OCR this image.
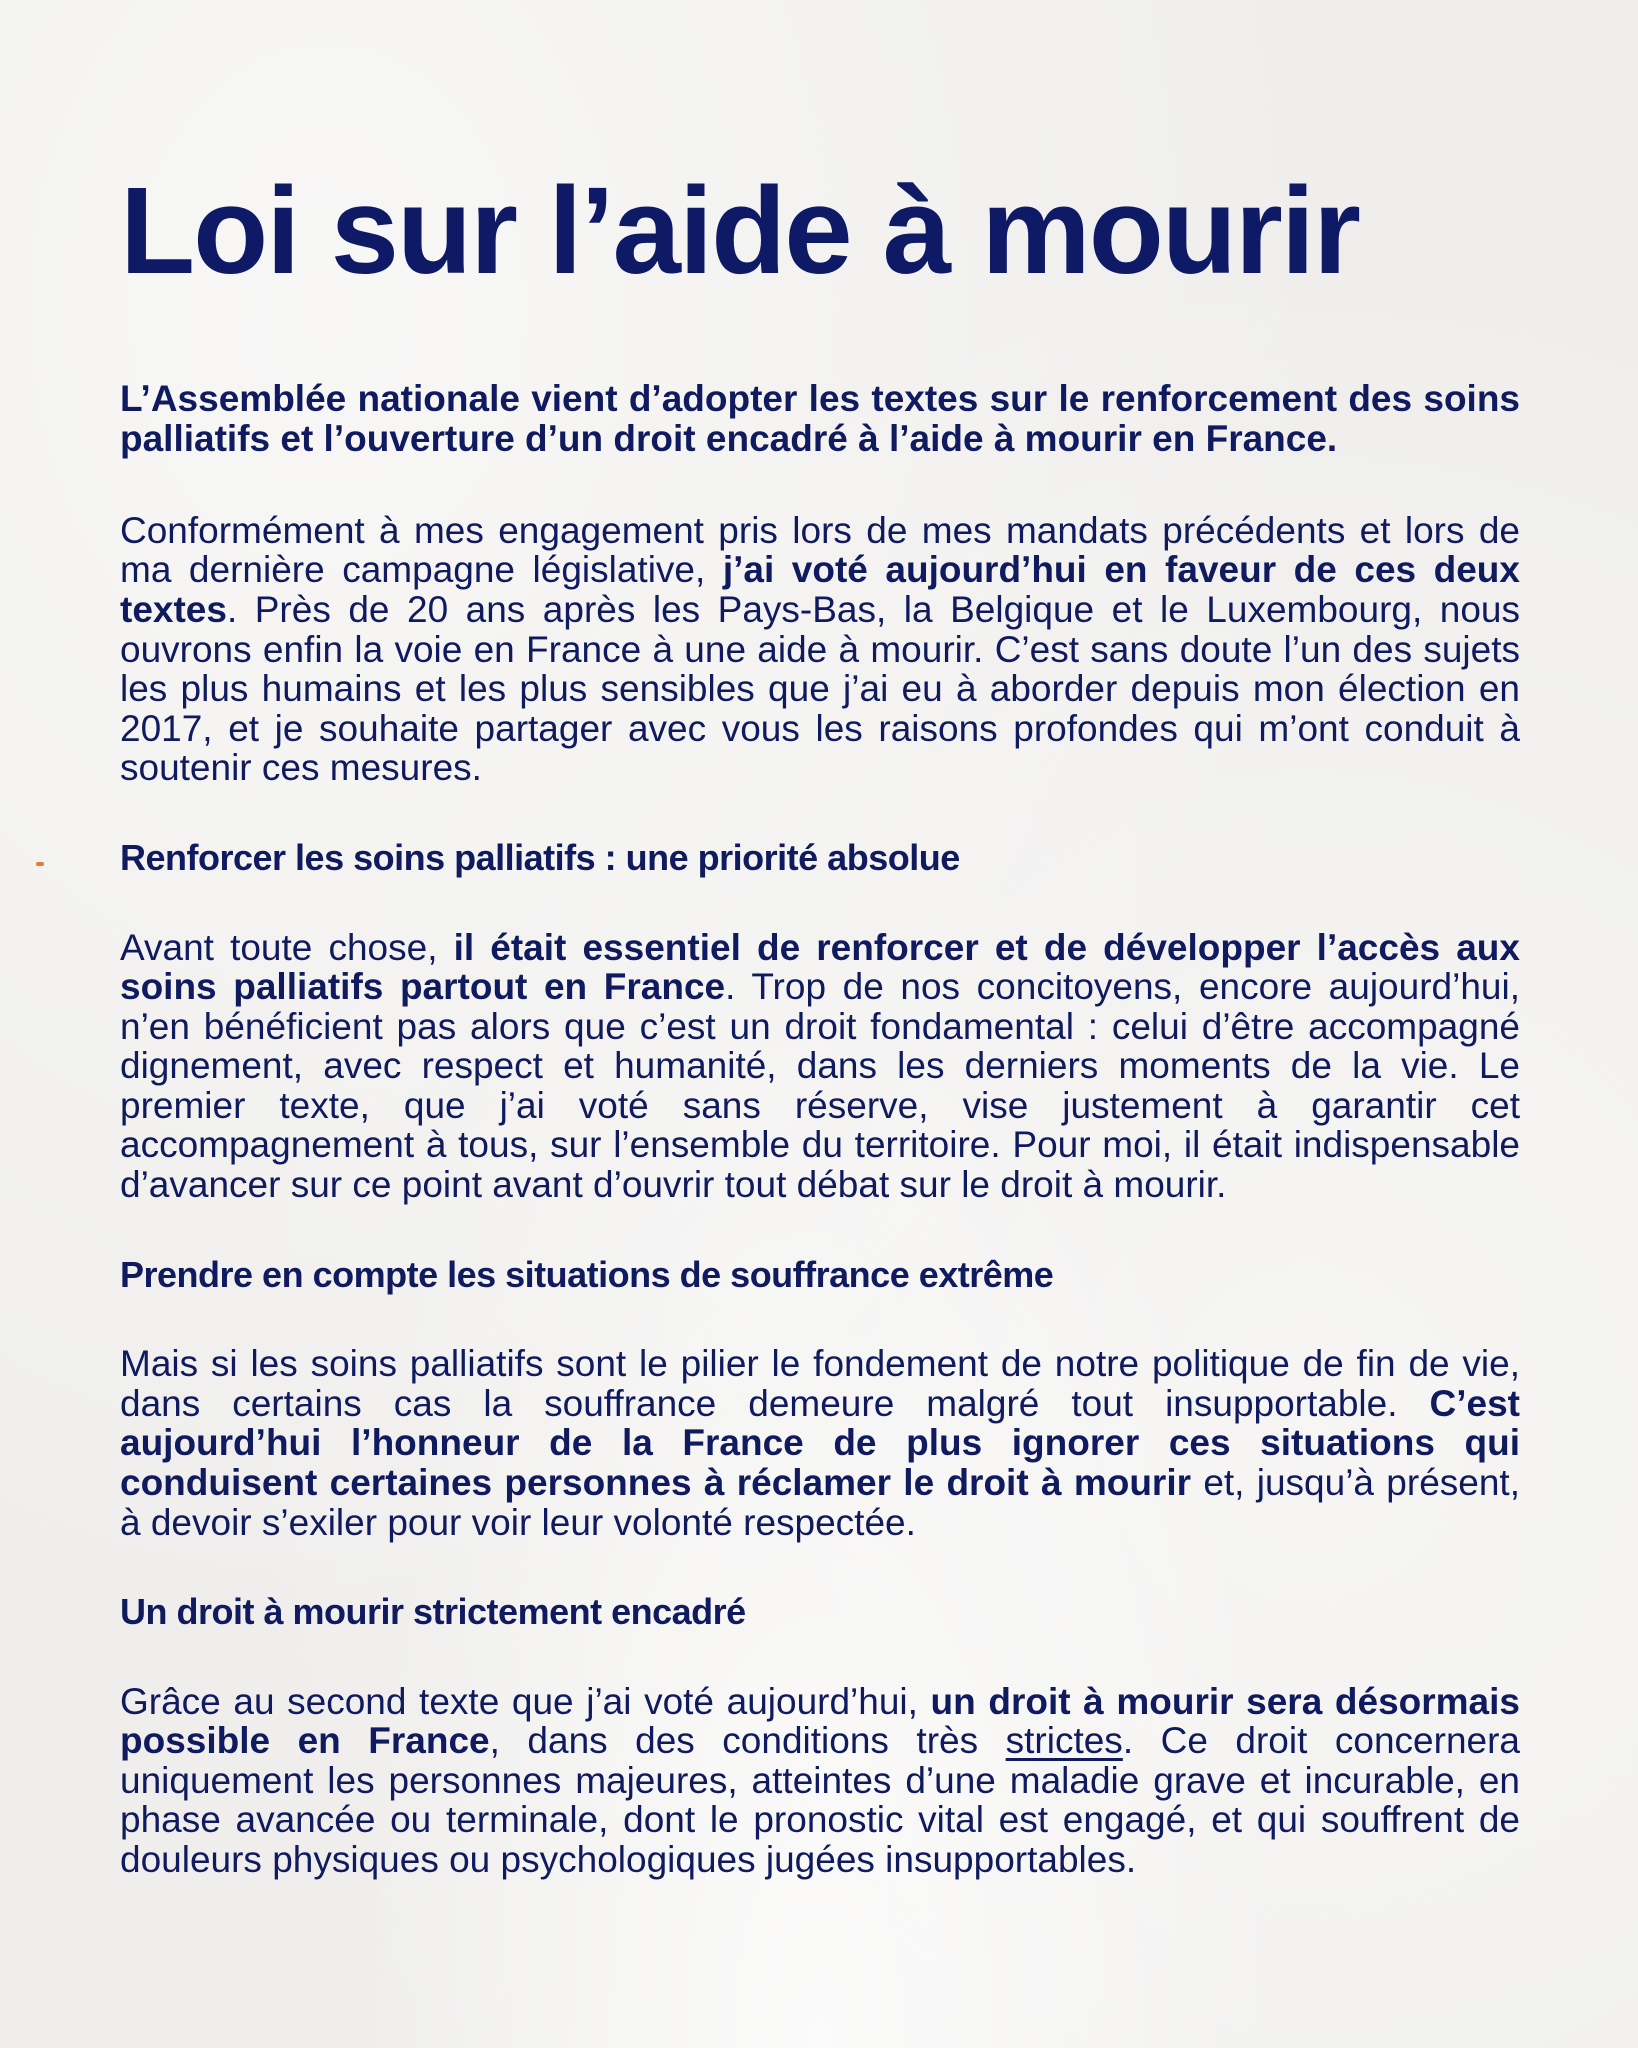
Loi sur l’aide à mourir

L’Assemblée nationale vient d’adopter les textes sur le renforcement des soins palliatifs et l’ouverture d’un droit encadré à l’aide à mourir en France.

Conformément à mes engagement pris lors de mes mandats précédents et lors de ma dernière campagne législative, j’ai voté aujourd’hui en faveur de ces deux textes. Près de 20 ans après les Pays-Bas, la Belgique et le Luxembourg, nous ouvrons enfin la voie en France à une aide à mourir. C’est sans doute l’un des sujets les plus humains et les plus sensibles que j’ai eu à aborder depuis mon élection en 2017, et je souhaite partager avec vous les raisons profondes qui m’ont conduit à soutenir ces mesures.

Renforcer les soins palliatifs : une priorité absolue

Avant toute chose, il était essentiel de renforcer et de développer l’accès aux soins palliatifs partout en France. Trop de nos concitoyens, encore aujourd’hui, n’en bénéficient pas alors que c’est un droit fondamental : celui d’être accompagné dignement, avec respect et humanité, dans les derniers moments de la vie. Le premier texte, que j’ai voté sans réserve, vise justement à garantir cet accompagnement à tous, sur l’ensemble du territoire. Pour moi, il était indispensable d’avancer sur ce point avant d’ouvrir tout débat sur le droit à mourir.

Prendre en compte les situations de souffrance extrême

Mais si les soins palliatifs sont le pilier le fondement de notre politique de fin de vie, dans certains cas la souffrance demeure malgré tout insupportable. C’est aujourd’hui l’honneur de la France de plus ignorer ces situations qui conduisent certaines personnes à réclamer le droit à mourir et, jusqu’à présent, à devoir s’exiler pour voir leur volonté respectée.

Un droit à mourir strictement encadré

Grâce au second texte que j’ai voté aujourd’hui, un droit à mourir sera désormais possible en France, dans des conditions très strictes. Ce droit concernera uniquement les personnes majeures, atteintes d’une maladie grave et incurable, en phase avancée ou terminale, dont le pronostic vital est engagé, et qui souffrent de douleurs physiques ou psychologiques jugées insupportables.
